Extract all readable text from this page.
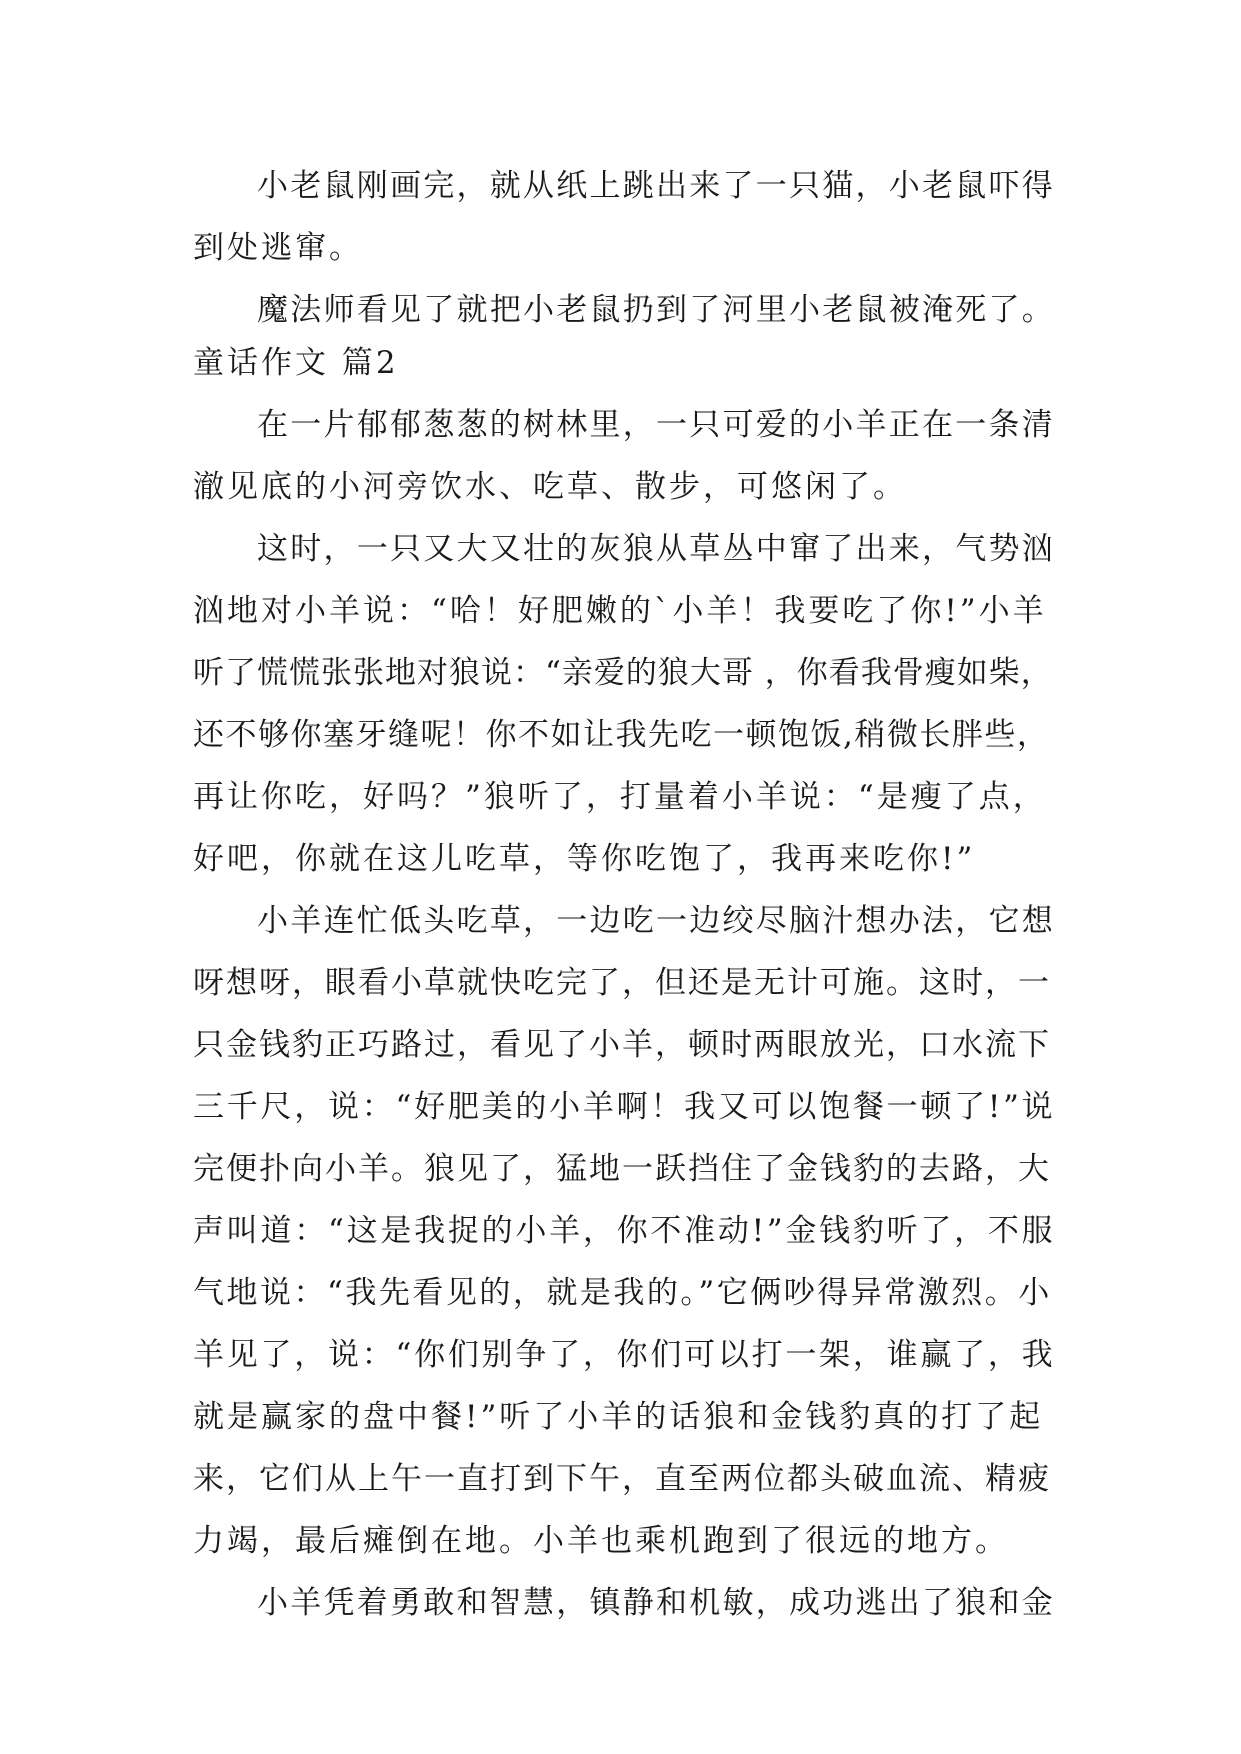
小老鼠刚画完，就从纸上跳出来了一只猫，小老鼠吓得
到处逃窜。
魔法师看见了就把小老鼠扔到了河里小老鼠被淹死了。
童话作文 篇2
在一片郁郁葱葱的树林里，一只可爱的小羊正在一条清
澈见底的小河旁饮水、吃草、散步，可悠闲了。
这时，一只又大又壮的灰狼从草丛中窜了出来，气势汹
汹地对小羊说：“哈！好肥嫩的`小羊！我要吃了你!”小羊
听了慌慌张张地对狼说：“亲爱的狼大哥 ，你看我骨瘦如柴，
还不够你塞牙缝呢！你不如让我先吃一顿饱饭,稍微长胖些，
再让你吃，好吗？”狼听了，打量着小羊说：“是瘦了点，
好吧，你就在这儿吃草，等你吃饱了，我再来吃你!”
小羊连忙低头吃草，一边吃一边绞尽脑汁想办法，它想
呀想呀，眼看小草就快吃完了，但还是无计可施。这时，一
只金钱豹正巧路过，看见了小羊，顿时两眼放光，口水流下
三千尺，说：“好肥美的小羊啊！我又可以饱餐一顿了!”说
完便扑向小羊。狼见了，猛地一跃挡住了金钱豹的去路，大
声叫道：“这是我捉的小羊，你不准动!”金钱豹听了，不服
气地说：“我先看见的，就是我的。”它俩吵得异常激烈。小
羊见了，说：“你们别争了，你们可以打一架，谁赢了，我
就是赢家的盘中餐!”听了小羊的话狼和金钱豹真的打了起
来，它们从上午一直打到下午，直至两位都头破血流、精疲
力竭，最后瘫倒在地。小羊也乘机跑到了很远的地方。
小羊凭着勇敢和智慧，镇静和机敏，成功逃出了狼和金
